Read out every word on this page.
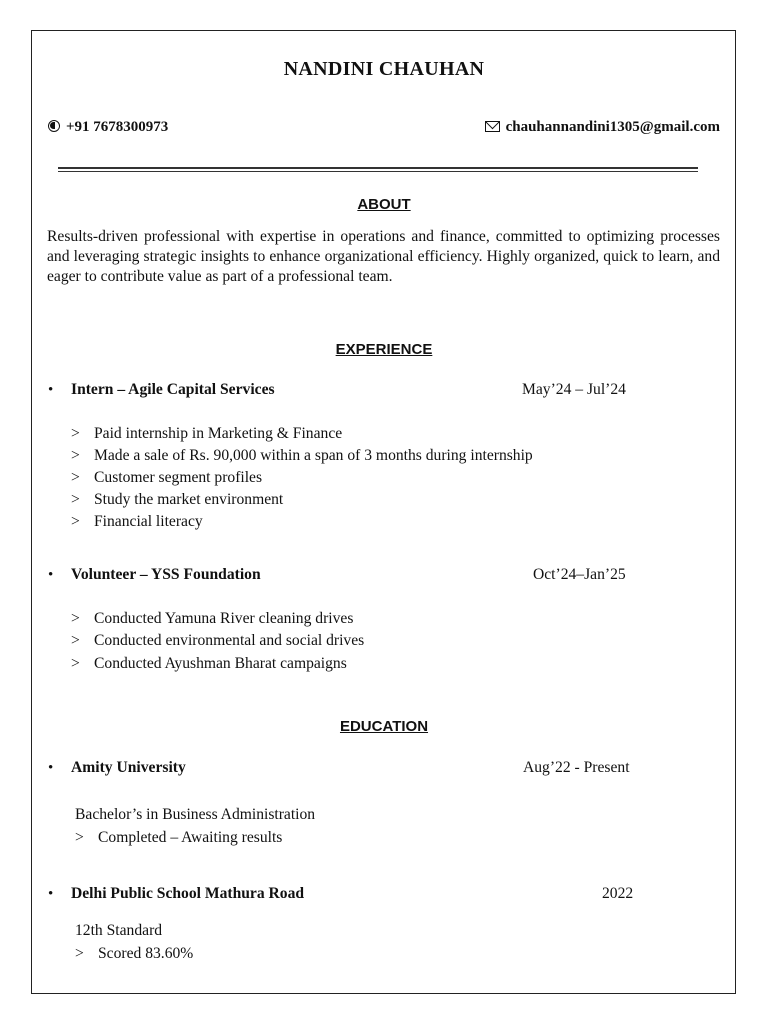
NANDINI CHAUHAN
+91 7678300973	chauhannandini1305@gmail.com
ABOUT
Results-driven professional with expertise in operations and finance, committed to optimizing processes and leveraging strategic insights to enhance organizational efficiency. Highly organized, quick to learn, and eager to contribute value as part of a professional team.
EXPERIENCE
• Intern – Agile Capital Services	May’24 – Jul’24
> Paid internship in Marketing & Finance
> Made a sale of Rs. 90,000 within a span of 3 months during internship
> Customer segment profiles
> Study the market environment
> Financial literacy
• Volunteer – YSS Foundation	Oct’24–Jan’25
> Conducted Yamuna River cleaning drives
> Conducted environmental and social drives
> Conducted Ayushman Bharat campaigns
EDUCATION
• Amity University	Aug’22 - Present
Bachelor’s in Business Administration
> Completed – Awaiting results
• Delhi Public School Mathura Road	2022
12th Standard
> Scored 83.60%
